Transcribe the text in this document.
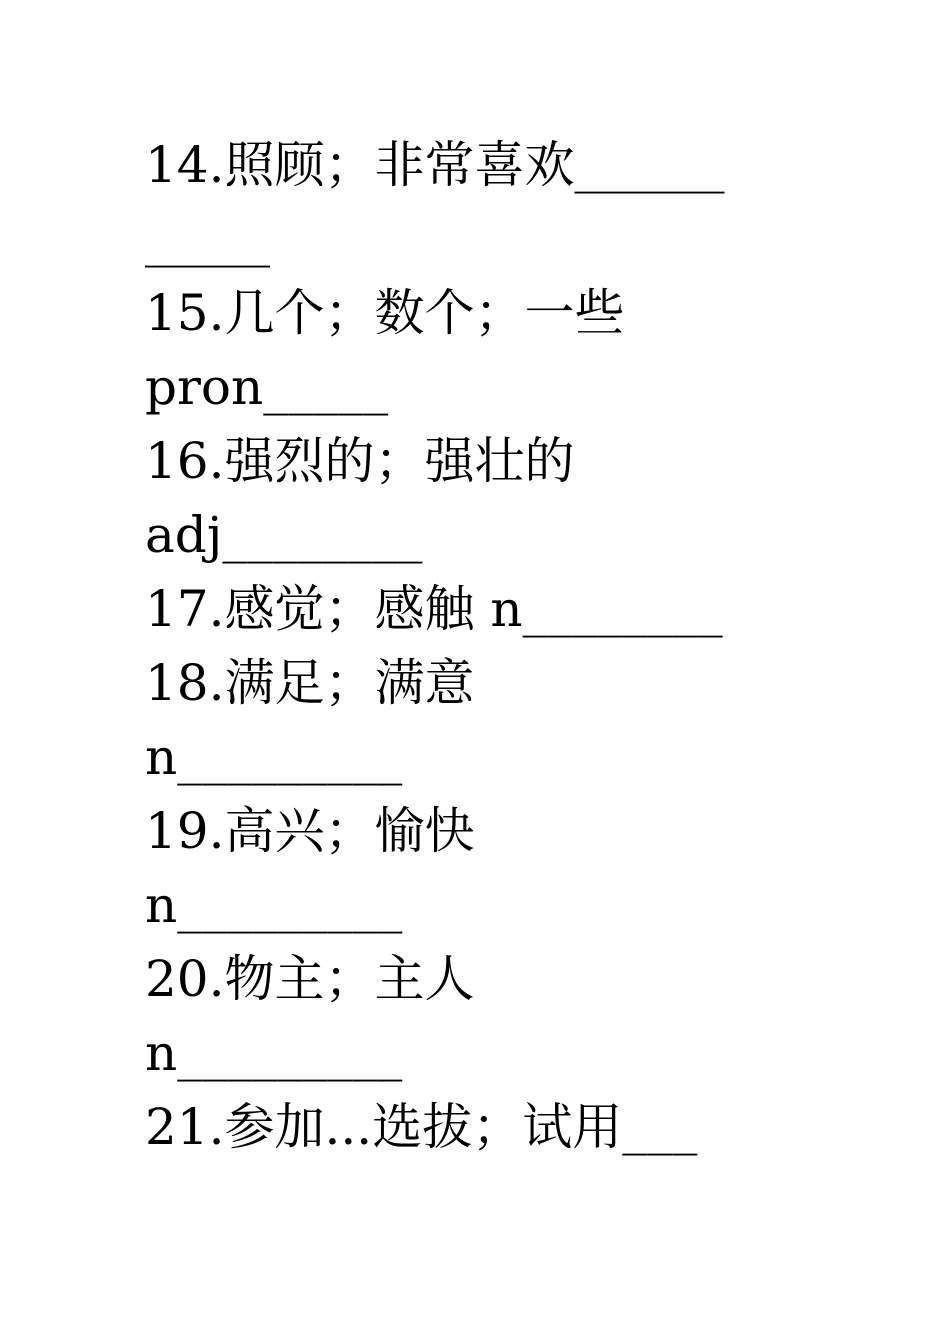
14.照顾；非常喜欢______
_____
15.几个；数个；一些
pron_____
16.强烈的；强壮的
adj________
17.感觉；感触 n________
18.满足；满意
n_________
19.高兴；愉快
n_________
20.物主；主人
n_________
21.参加...选拔；试用___
